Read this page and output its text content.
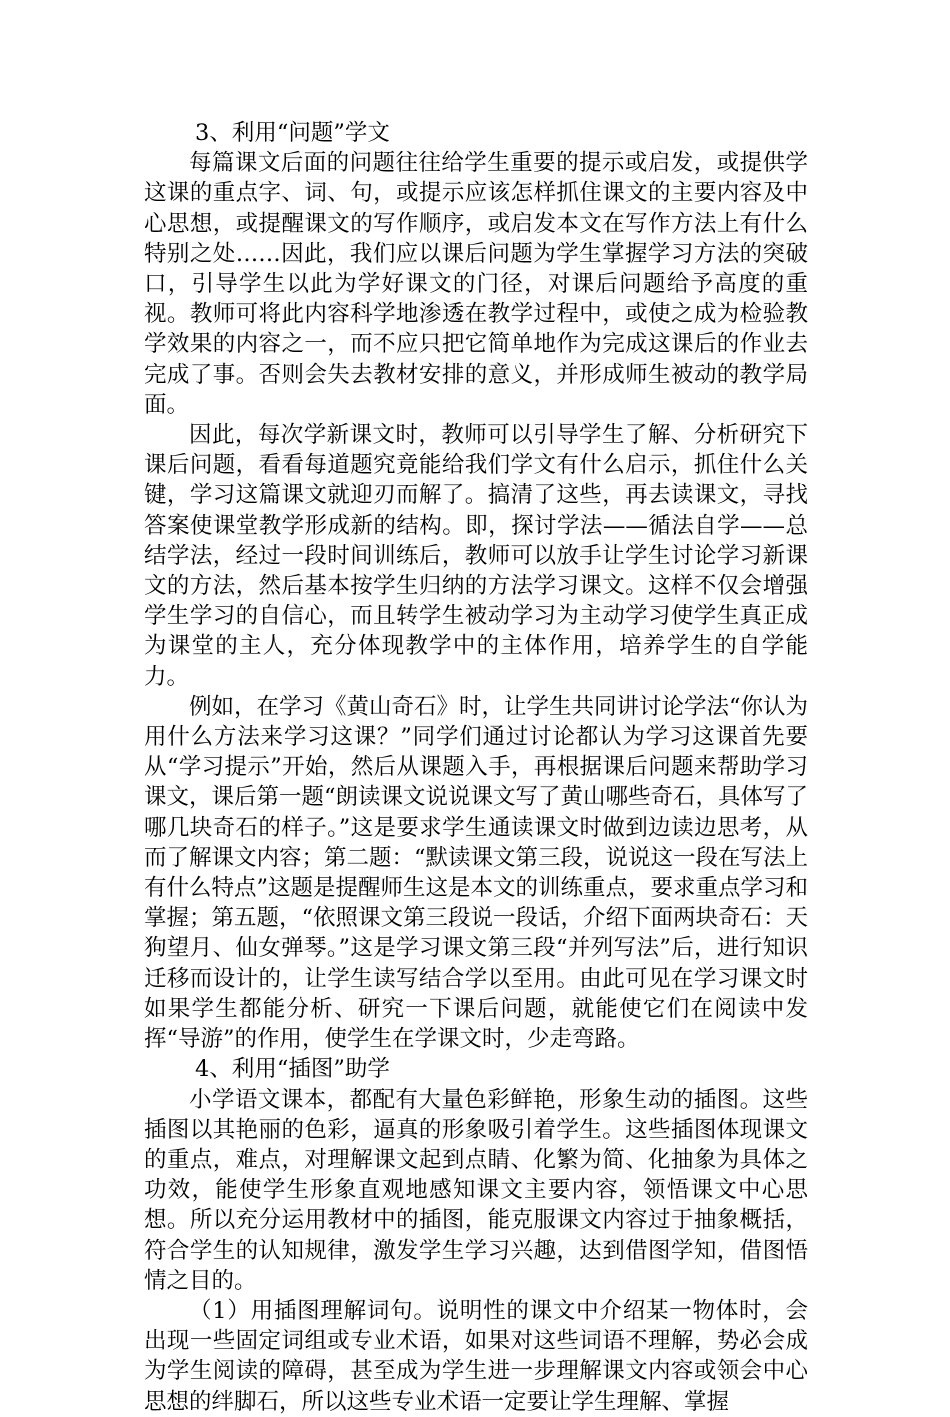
3、利用“问题”学文

每篇课文后面的问题往往给学生重要的提示或启发，或提供学这课的重点字、词、句，或提示应该怎样抓住课文的主要内容及中心思想，或提醒课文的写作顺序，或启发本文在写作方法上有什么特别之处……因此，我们应以课后问题为学生掌握学习方法的突破口，引导学生以此为学好课文的门径，对课后问题给予高度的重视。教师可将此内容科学地渗透在教学过程中，或使之成为检验教学效果的内容之一，而不应只把它简单地作为完成这课后的作业去完成了事。否则会失去教材安排的意义，并形成师生被动的教学局面。

因此，每次学新课文时，教师可以引导学生了解、分析研究下课后问题，看看每道题究竟能给我们学文有什么启示，抓住什么关键，学习这篇课文就迎刃而解了。搞清了这些，再去读课文，寻找答案使课堂教学形成新的结构。即，探讨学法——循法自学——总结学法，经过一段时间训练后，教师可以放手让学生讨论学习新课文的方法，然后基本按学生归纳的方法学习课文。这样不仅会增强学生学习的自信心，而且转学生被动学习为主动学习使学生真正成为课堂的主人，充分体现教学中的主体作用，培养学生的自学能力。

例如，在学习《黄山奇石》时，让学生共同讲讨论学法“你认为用什么方法来学习这课？”同学们通过讨论都认为学习这课首先要从“学习提示”开始，然后从课题入手，再根据课后问题来帮助学习课文，课后第一题“朗读课文说说课文写了黄山哪些奇石，具体写了哪几块奇石的样子。”这是要求学生通读课文时做到边读边思考，从而了解课文内容；第二题：“默读课文第三段，说说这一段在写法上有什么特点”这题是提醒师生这是本文的训练重点，要求重点学习和掌握；第五题，“依照课文第三段说一段话，介绍下面两块奇石：天狗望月、仙女弹琴。”这是学习课文第三段“并列写法”后，进行知识迁移而设计的，让学生读写结合学以至用。由此可见在学习课文时如果学生都能分析、研究一下课后问题，就能使它们在阅读中发挥“导游”的作用，使学生在学课文时，少走弯路。

4、利用“插图”助学

小学语文课本，都配有大量色彩鲜艳，形象生动的插图。这些插图以其艳丽的色彩，逼真的形象吸引着学生。这些插图体现课文的重点，难点，对理解课文起到点睛、化繁为简、化抽象为具体之功效，能使学生形象直观地感知课文主要内容，领悟课文中心思想。所以充分运用教材中的插图，能克服课文内容过于抽象概括，符合学生的认知规律，激发学生学习兴趣，达到借图学知，借图悟情之目的。

（1）用插图理解词句。说明性的课文中介绍某一物体时，会出现一些固定词组或专业术语，如果对这些词语不理解，势必会成为学生阅读的障碍，甚至成为学生进一步理解课文内容或领会中心思想的绊脚石，所以这些专业术语一定要让学生理解、掌握
